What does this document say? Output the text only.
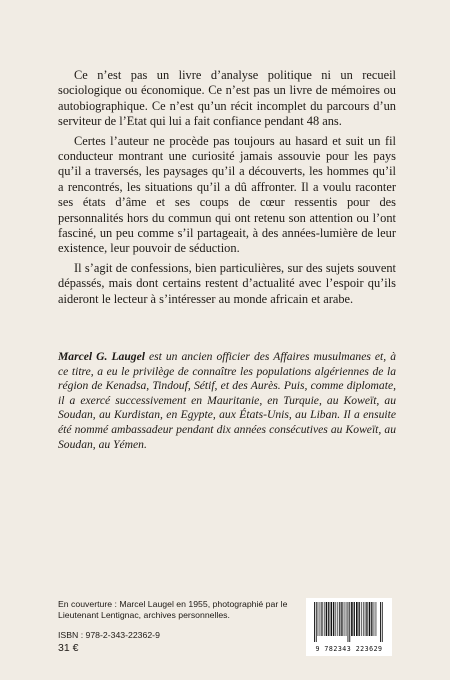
Ce n’est pas un livre d’analyse politique ni un recueil sociologique ou économique. Ce n’est pas un livre de mémoires ou autobiographique. Ce n’est qu’un récit incomplet du parcours d’un serviteur de l’Etat qui lui a fait confiance pendant 48 ans.

Certes l’auteur ne procède pas toujours au hasard et suit un fil conducteur montrant une curiosité jamais assouvie pour les pays qu’il a traversés, les paysages qu’il a découverts, les hommes qu’il a rencontrés, les situations qu’il a dû affronter. Il a voulu raconter ses états d’âme et ses coups de cœur ressentis pour des personnalités hors du commun qui ont retenu son attention ou l’ont fasciné, un peu comme s’il partageait, à des années-lumière de leur existence, leur pouvoir de séduction.

Il s’agit de confessions, bien particulières, sur des sujets souvent dépassés, mais dont certains restent d’actualité avec l’espoir qu’ils aideront le lecteur à s’intéresser au monde africain et arabe.

Marcel G. Laugel est un ancien officier des Affaires musulmanes et, à ce titre, a eu le privilège de connaître les populations algériennes de la région de Kenadsa, Tindouf, Sétif, et des Aurès. Puis, comme diplomate, il a exercé successivement en Mauritanie, en Turquie, au Koweït, au Soudan, au Kurdistan, en Egypte, aux États-Unis, au Liban. Il a ensuite été nommé ambassadeur pendant dix années consécutives au Koweït, au Soudan, au Yémen.
En couverture : Marcel Laugel en 1955, photographié par le Lieutenant Lentignac, archives personnelles.
ISBN : 978-2-343-22362-9
31 €	9 782343 223629
